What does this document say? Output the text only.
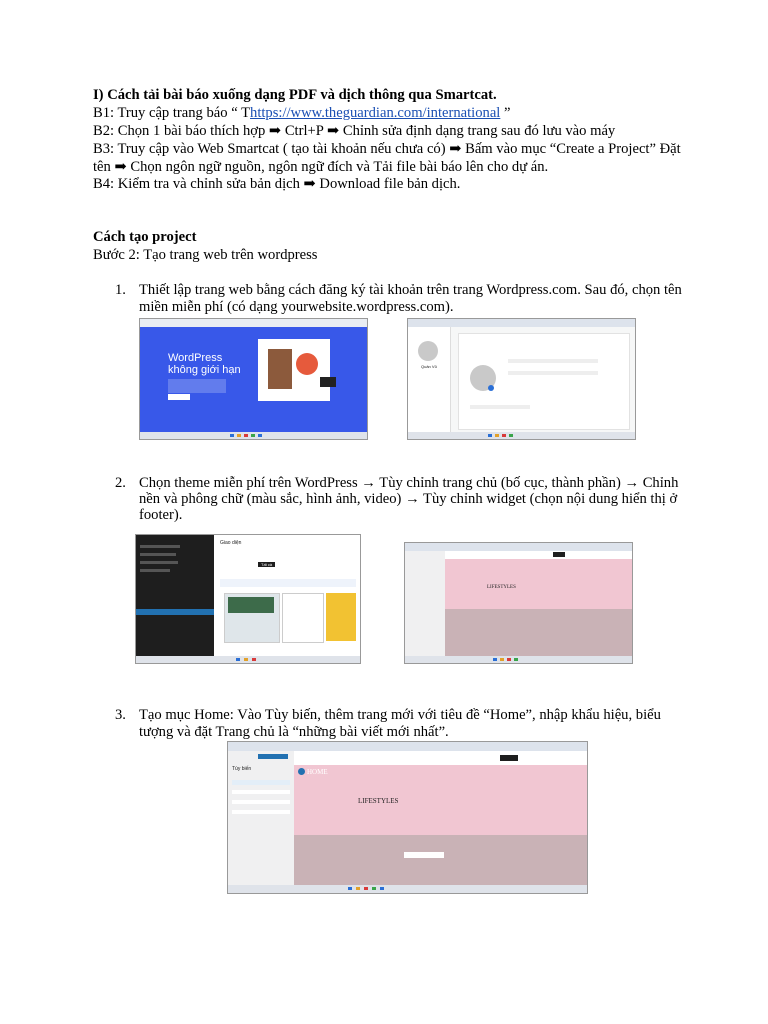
I) Cách tải bài báo xuống dạng PDF và dịch thông qua Smartcat.
B1: Truy cập trang báo “ Thttps://www.theguardian.com/international ”
B2: Chọn 1 bài báo thích hợp ➡ Ctrl+P ➡ Chỉnh sửa định dạng trang sau đó lưu vào máy
B3: Truy cập vào Web Smartcat ( tạo tài khoản nếu chưa có) ➡ Bấm vào mục “Create a Project” Đặt
tên ➡ Chọn ngôn ngữ nguồn, ngôn ngữ đích và Tải file bài báo lên cho dự án.
B4: Kiểm tra và chỉnh sửa bản dịch ➡ Download file bản dịch.
Cách tạo project
Bước 2: Tạo trang web trên wordpress
1. Thiết lập trang web bằng cách đăng ký tài khoản trên trang Wordpress.com. Sau đó, chọn tên
miền miễn phí (có dạng yourwebsite.wordpress.com).
WordPress
không giới hạn	Quân Vũ
2. Chọn theme miễn phí trên WordPress → Tùy chỉnh trang chủ (bố cục, thành phần) → Chỉnh
nền và phông chữ (màu sắc, hình ảnh, video) → Tùy chỉnh widget (chọn nội dung hiển thị ở
footer).
Giao diện
Tất cả
LIFESTYLES
3. Tạo mục Home: Vào Tùy biến, thêm trang mới với tiêu đề “Home”, nhập khẩu hiệu, biểu
tượng và đặt Trang chủ là “những bài viết mới nhất”.
Tùy biến	HOME
LIFESTYLES
